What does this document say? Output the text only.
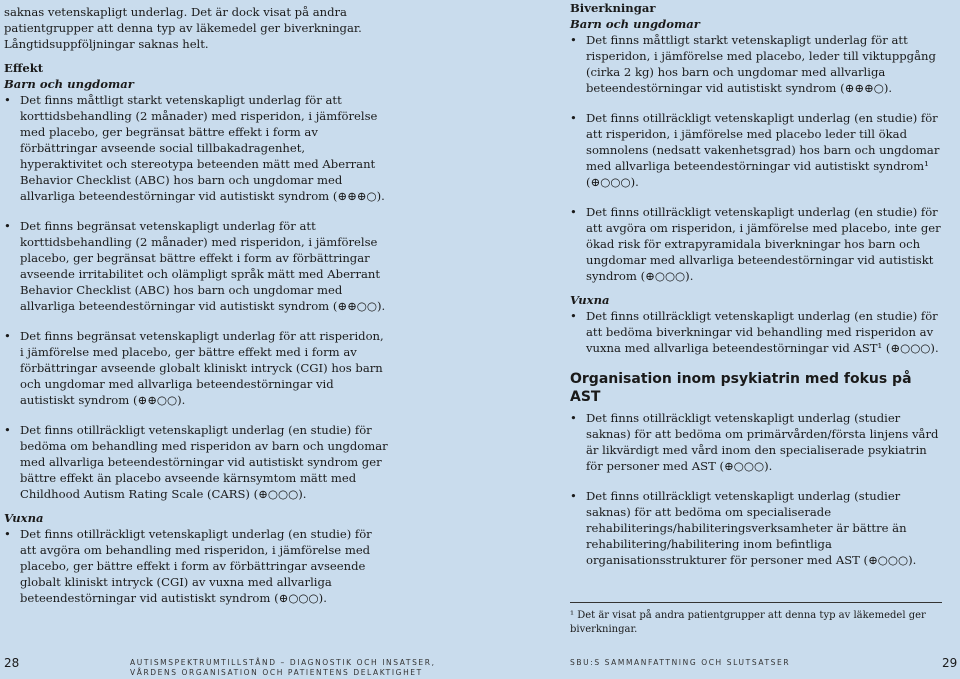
saknas vetenskapligt underlag. Det är dock visat på andra patientgrupper att denna typ av läkemedel ger biverkningar. Långtidsuppföljningar saknas helt.

Effekt

Barn och ungdomar

• Det finns måttligt starkt vetenskapligt underlag för att korttidsbehandling (2 månader) med risperidon, i jämförelse med placebo, ger begränsat bättre effekt i form av förbättringar avseende social tillbakadragenhet, hyperaktivitet och stereotypa beteenden mätt med Aberrant Behavior Checklist (ABC) hos barn och ungdomar med allvarliga beteendestörningar vid autistiskt syndrom (⊕⊕⊕○).
• Det finns begränsat vetenskapligt underlag för att korttidsbehandling (2 månader) med risperidon, i jämförelse placebo, ger begränsat bättre effekt i form av förbättringar avseende irritabilitet och olämpligt språk mätt med Aberrant Behavior Checklist (ABC) hos barn och ungdomar med allvarliga beteendestörningar vid autistiskt syndrom (⊕⊕○○).
• Det finns begränsat vetenskapligt underlag för att risperidon, i jämförelse med placebo, ger bättre effekt med i form av förbättringar avseende globalt kliniskt intryck (CGI) hos barn och ungdomar med allvarliga beteendestörningar vid autistiskt syndrom (⊕⊕○○).
• Det finns otillräckligt vetenskapligt underlag (en studie) för bedöma om behandling med risperidon av barn och ungdomar med allvarliga beteendestörningar vid autistiskt syndrom ger bättre effekt än placebo avseende kärnsymtom mätt med Childhood Autism Rating Scale (CARS) (⊕○○○).

Vuxna

• Det finns otillräckligt vetenskapligt underlag (en studie) för att avgöra om behandling med risperidon, i jämförelse med placebo, ger bättre effekt i form av förbättringar avseende globalt kliniskt intryck (CGI) av vuxna med allvarliga beteendestörningar vid autistiskt syndrom (⊕○○○).
28	AUTISMSPEKTRUMTILLSTÅND – DIAGNOSTIK OCH INSATSER,
VÅRDENS ORGANISATION OCH PATIENTENS DELAKTIGHET

Biverkningar

Barn och ungdomar

• Det finns måttligt starkt vetenskapligt underlag för att risperidon, i jämförelse med placebo, leder till viktuppgång (cirka 2 kg) hos barn och ungdomar med allvarliga beteendestörningar vid autistiskt syndrom (⊕⊕⊕○).
• Det finns otillräckligt vetenskapligt underlag (en studie) för att risperidon, i jämförelse med placebo leder till ökad somnolens (nedsatt vakenhetsgrad) hos barn och ungdomar med allvarliga beteendestörningar vid autistiskt syndrom¹ (⊕○○○).
• Det finns otillräckligt vetenskapligt underlag (en studie) för att avgöra om risperidon, i jämförelse med placebo, inte ger ökad risk för extrapyramidala biverkningar hos barn och ungdomar med allvarliga beteendestörningar vid autistiskt syndrom (⊕○○○).

Vuxna

• Det finns otillräckligt vetenskapligt underlag (en studie) för att bedöma biverkningar vid behandling med risperidon av vuxna med allvarliga beteendestörningar vid AST¹ (⊕○○○).
Organisation inom psykiatrin med fokus på AST
• Det finns otillräckligt vetenskapligt underlag (studier saknas) för att bedöma om primärvården/första linjens vård är likvärdigt med vård inom den specialiserade psykiatrin för personer med AST (⊕○○○).
• Det finns otillräckligt vetenskapligt underlag (studier saknas) för att bedöma om specialiserade rehabiliterings/habiliteringsverksamheter är bättre än rehabilitering/habilitering inom befintliga organisationsstrukturer för personer med AST (⊕○○○).
¹ Det är visat på andra patientgrupper att denna typ av läkemedel ger biverkningar.
SBU:S SAMMANFATTNING OCH SLUTSATSER	29
